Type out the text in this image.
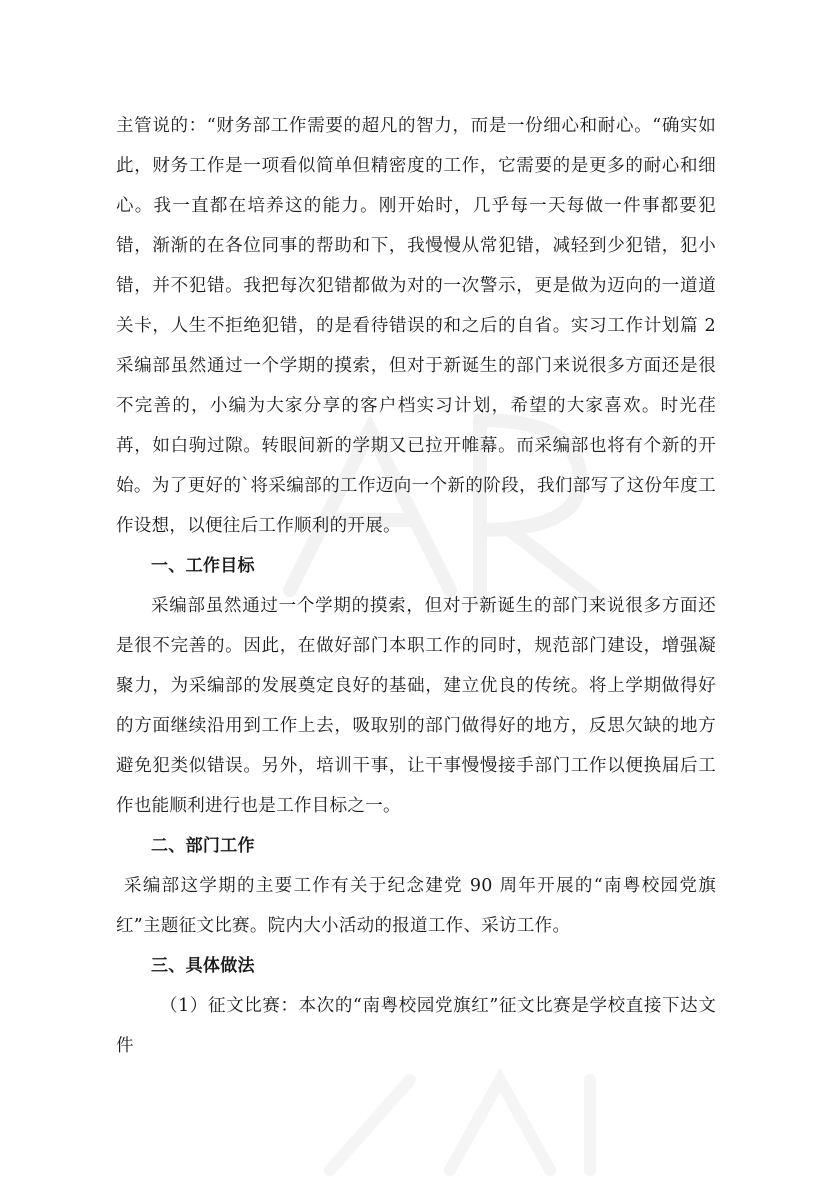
主管说的：“财务部工作需要的超凡的智力，而是一份细心和耐心。“确实如此，财务工作是一项看似简单但精密度的工作，它需要的是更多的耐心和细心。我一直都在培养这的能力。刚开始时，几乎每一天每做一件事都要犯错，渐渐的在各位同事的帮助和下，我慢慢从常犯错，减轻到少犯错，犯小错，并不犯错。我把每次犯错都做为对的一次警示，更是做为迈向的一道道关卡，人生不拒绝犯错，的是看待错误的和之后的自省。实习工作计划篇 2 采编部虽然通过一个学期的摸索，但对于新诞生的部门来说很多方面还是很不完善的，小编为大家分享的客户档实习计划，希望的大家喜欢。时光荏苒，如白驹过隙。转眼间新的学期又已拉开帷幕。而采编部也将有个新的开始。为了更好的`将采编部的工作迈向一个新的阶段，我们部写了这份年度工作设想，以便往后工作顺利的开展。

一、工作目标

采编部虽然通过一个学期的摸索，但对于新诞生的部门来说很多方面还是很不完善的。因此，在做好部门本职工作的同时，规范部门建设，增强凝聚力，为采编部的发展奠定良好的基础，建立优良的传统。将上学期做得好的方面继续沿用到工作上去，吸取别的部门做得好的地方，反思欠缺的地方避免犯类似错误。另外，培训干事，让干事慢慢接手部门工作以便换届后工作也能顺利进行也是工作目标之一。

二、部门工作

采编部这学期的主要工作有关于纪念建党 90 周年开展的“南粤校园党旗红”主题征文比赛。院内大小活动的报道工作、采访工作。

三、具体做法

（1）征文比赛：本次的“南粤校园党旗红”征文比赛是学校直接下达文件
